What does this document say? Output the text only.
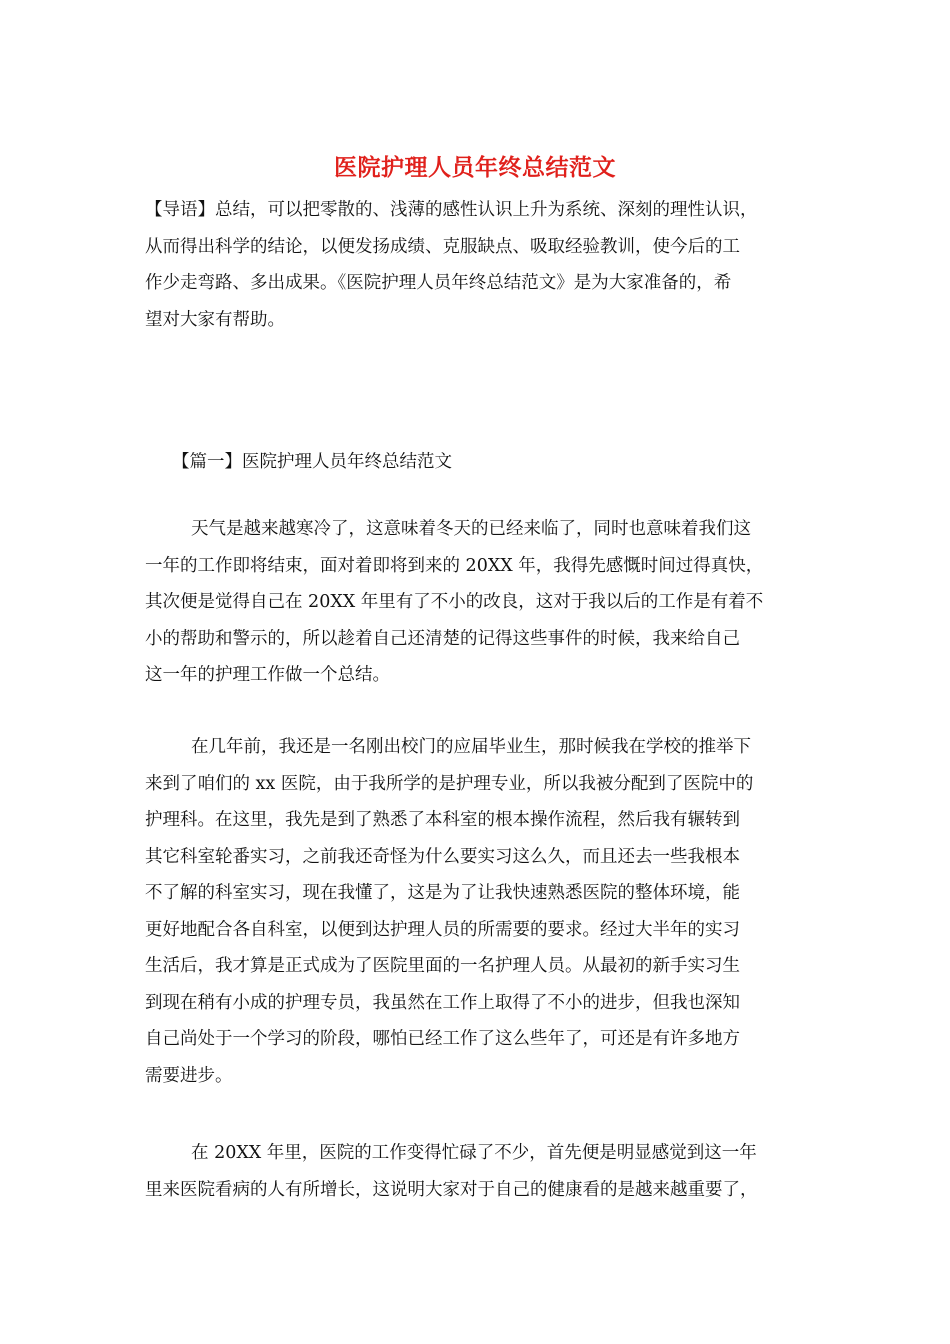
医院护理人员年终总结范文
【导语】总结，可以把零散的、浅薄的感性认识上升为系统、深刻的理性认识，
从而得出科学的结论，以便发扬成绩、克服缺点、吸取经验教训，使今后的工
作少走弯路、多出成果。《医院护理人员年终总结范文》是为大家准备的，希
望对大家有帮助。
【篇一】医院护理人员年终总结范文
天气是越来越寒冷了，这意味着冬天的已经来临了，同时也意味着我们这
一年的工作即将结束，面对着即将到来的 20XX 年，我得先感慨时间过得真快，
其次便是觉得自己在 20XX 年里有了不小的改良，这对于我以后的工作是有着不
小的帮助和警示的，所以趁着自己还清楚的记得这些事件的时候，我来给自己
这一年的护理工作做一个总结。
在几年前，我还是一名刚出校门的应届毕业生，那时候我在学校的推举下
来到了咱们的 xx 医院，由于我所学的是护理专业，所以我被分配到了医院中的
护理科。在这里，我先是到了熟悉了本科室的根本操作流程，然后我有辗转到
其它科室轮番实习，之前我还奇怪为什么要实习这么久，而且还去一些我根本
不了解的科室实习，现在我懂了，这是为了让我快速熟悉医院的整体环境，能
更好地配合各自科室，以便到达护理人员的所需要的要求。经过大半年的实习
生活后，我才算是正式成为了医院里面的一名护理人员。从最初的新手实习生
到现在稍有小成的护理专员，我虽然在工作上取得了不小的进步，但我也深知
自己尚处于一个学习的阶段，哪怕已经工作了这么些年了，可还是有许多地方
需要进步。
在 20XX 年里，医院的工作变得忙碌了不少，首先便是明显感觉到这一年
里来医院看病的人有所增长，这说明大家对于自己的健康看的是越来越重要了，
